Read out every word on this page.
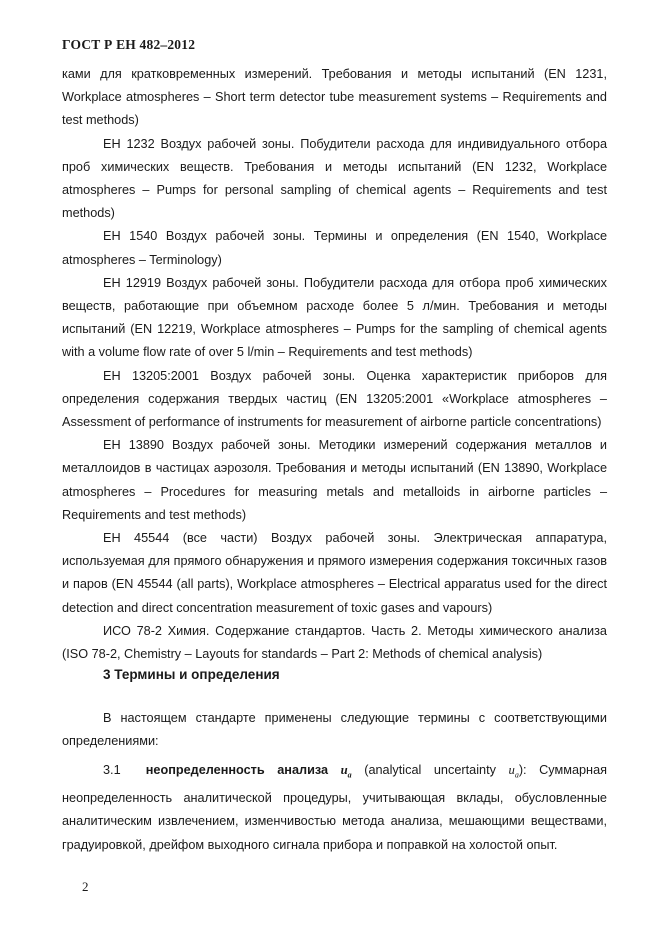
ГОСТ Р ЕН 482–2012

ками для кратковременных измерений. Требования и методы испытаний (EN 1231, Workplace atmospheres – Short term detector tube measurement systems – Requirements and test methods)

ЕН 1232 Воздух рабочей зоны. Побудители расхода для индивидуального отбора проб химических веществ. Требования и методы испытаний (EN 1232, Workplace atmospheres – Pumps for personal sampling of chemical agents – Requirements and test methods)

ЕН 1540 Воздух рабочей зоны. Термины и определения (EN 1540, Workplace atmospheres – Terminology)

ЕН 12919 Воздух рабочей зоны. Побудители расхода для отбора проб химических веществ, работающие при объемном расходе более 5 л/мин. Требования и методы испытаний (EN 12219, Workplace atmospheres – Pumps for the sampling of chemical agents with a volume flow rate of over 5 l/min – Requirements and test methods)

ЕН 13205:2001 Воздух рабочей зоны. Оценка характеристик приборов для определения содержания твердых частиц (EN 13205:2001 «Workplace atmospheres – Assessment of performance of instruments for measurement of airborne particle concentrations)

ЕН 13890 Воздух рабочей зоны. Методики измерений содержания металлов и металлоидов в частицах аэрозоля. Требования и методы испытаний (EN 13890, Workplace atmospheres – Procedures for measuring metals and metalloids in airborne particles – Requirements and test methods)

ЕН 45544 (все части) Воздух рабочей зоны. Электрическая аппаратура, используемая для прямого обнаружения и прямого измерения содержания токсичных газов и паров (EN 45544 (all parts), Workplace atmospheres – Electrical apparatus used for the direct detection and direct concentration measurement of toxic gases and vapours)

ИСО 78-2 Химия. Содержание стандартов. Часть 2. Методы химического анализа (ISO 78-2, Chemistry – Layouts for standards – Part 2: Methods of chemical analysis)

3 Термины и определения

В настоящем стандарте применены следующие термины с соответствующими определениями:

3.1 неопределенность анализа $u_a$ (analytical uncertainty $u_a$): Суммарная неопределенность аналитической процедуры, учитывающая вклады, обусловленные аналитическим извлечением, изменчивостью метода анализа, мешающими веществами, градуировкой, дрейфом выходного сигнала прибора и поправкой на холостой опыт.

2
